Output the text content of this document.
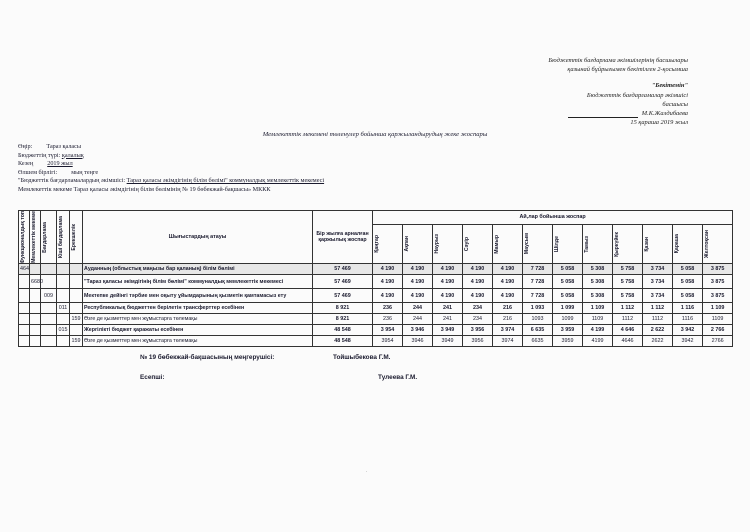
Бюджеттік бағдарлама әкімшілерінің басшылары
қазынай бұйрығымен бекітілген 2-қосымша
"Бекітемін"
Бюджеттік бағдарламалар әкімшісі
басшысы
М.К.Жалдибаева
15 қараша 2019 жыл
Мемлекеттік мекемені төленулер бойынша қаржыландырудың жеке жоспары
Өңір: Тараз қаласы
Бюджеттің түрі: қалалық
Кезең 2019 жыл
Өлшем бірлігі: мың теңге
"Бюджеттік бағдарламалардың әкімшісі: Тараз қаласы әкімдігінің білім бөлімі" коммуналдық мемлекеттік мекемесі
Мемлекеттік мекеме Тараз қаласы әкімдігінің білім бөлімінің № 19 бөбекжай-бақшасы» МККК
Функционалдық топ	Мемлекеттік мекеме	Бағдарлама	Кіші бағдарлама	Ерекшелік	Шығыстардың атауы	Бір жылға арналған қаржылық жоспар	Ай,лар бойынша жоспар											

							Қаңтар	Ақпан	Наурыз	Сәуір	Мамыр	Маусым	Шілде	Тамыз	Қыркүйек	Қазан	Қараша	Желтоқсан

464					Ауданның (облыстық маңызы бар қаланың) білім бөлімі	57 469	4 190	4 190	4 190	4 190	4 190	7 728	5 058	5 308	5 758	3 734	5 058	3 875
	6680				"Тараз қаласы әкімдігінің білім бөлімі" коммуналдық мемлекеттік мекемесі	57 469	4 190	4 190	4 190	4 190	4 190	7 728	5 058	5 308	5 758	3 734	5 058	3 875
		009			Мектепке дейінгі тәрбие мен оқыту ұйымдарының қызметін қамтамасыз ету	57 469	4 190	4 190	4 190	4 190	4 190	7 728	5 058	5 308	5 758	3 734	5 058	3 875
			011		Республикалық бюджеттен берілетін трансферттер есебінен	8 921	236	244	241	234	216	1 093	1 099	1 109	1 112	1 112	1 116	1 109
				159	Өзге де қызметтер мен жұмыстарға төлемақы	8 921	236	244	241	234	216	1093	1099	1109	1112	1112	1116	1109
			015		Жергілікті бюджет қаражаты есебінен	48 548	3 954	3 946	3 949	3 956	3 974	6 635	3 959	4 199	4 646	2 622	3 942	2 766
				159	Өзге де қызметтер мен жұмыстарға төлемақы	48 548	3954	3946	3949	3956	3974	6635	3959	4199	4646	2622	3942	2766
№ 19 бөбекжай-бақшасының меңгерушісі:	Тойшыбекова Г.М.
Есепші:	Тулеева Г.М.
∙
